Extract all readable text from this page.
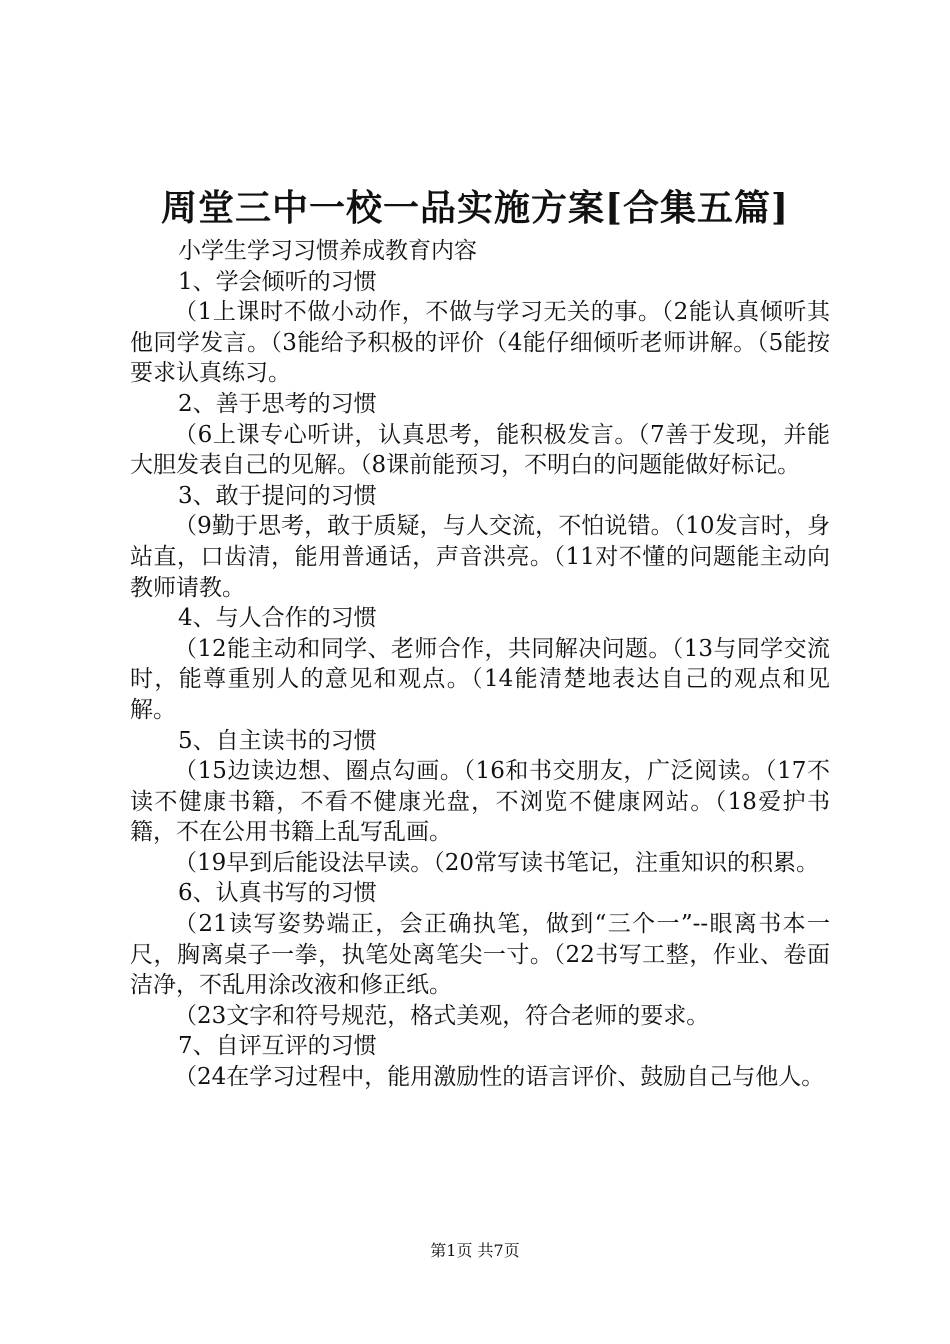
周堂三中一校一品实施方案[合集五篇]

小学生学习习惯养成教育内容

1、学会倾听的习惯

（1上课时不做小动作，不做与学习无关的事。（2能认真倾听其他同学发言。（3能给予积极的评价（4能仔细倾听老师讲解。（5能按要求认真练习。

2、善于思考的习惯

（6上课专心听讲，认真思考，能积极发言。（7善于发现，并能大胆发表自己的见解。（8课前能预习，不明白的问题能做好标记。

3、敢于提问的习惯

（9勤于思考，敢于质疑，与人交流，不怕说错。（10发言时，身站直，口齿清，能用普通话，声音洪亮。（11对不懂的问题能主动向教师请教。

4、与人合作的习惯

（12能主动和同学、老师合作，共同解决问题。（13与同学交流时，能尊重别人的意见和观点。（14能清楚地表达自己的观点和见解。

5、自主读书的习惯

（15边读边想、圈点勾画。（16和书交朋友，广泛阅读。（17不读不健康书籍，不看不健康光盘，不浏览不健康网站。（18爱护书籍，不在公用书籍上乱写乱画。

（19早到后能设法早读。（20常写读书笔记，注重知识的积累。

6、认真书写的习惯

（21读写姿势端正，会正确执笔，做到“三个一”--眼离书本一尺，胸离桌子一拳，执笔处离笔尖一寸。（22书写工整，作业、卷面洁净，不乱用涂改液和修正纸。

（23文字和符号规范，格式美观，符合老师的要求。

7、自评互评的习惯

（24在学习过程中，能用激励性的语言评价、鼓励自己与他人。

第1页 共7页
